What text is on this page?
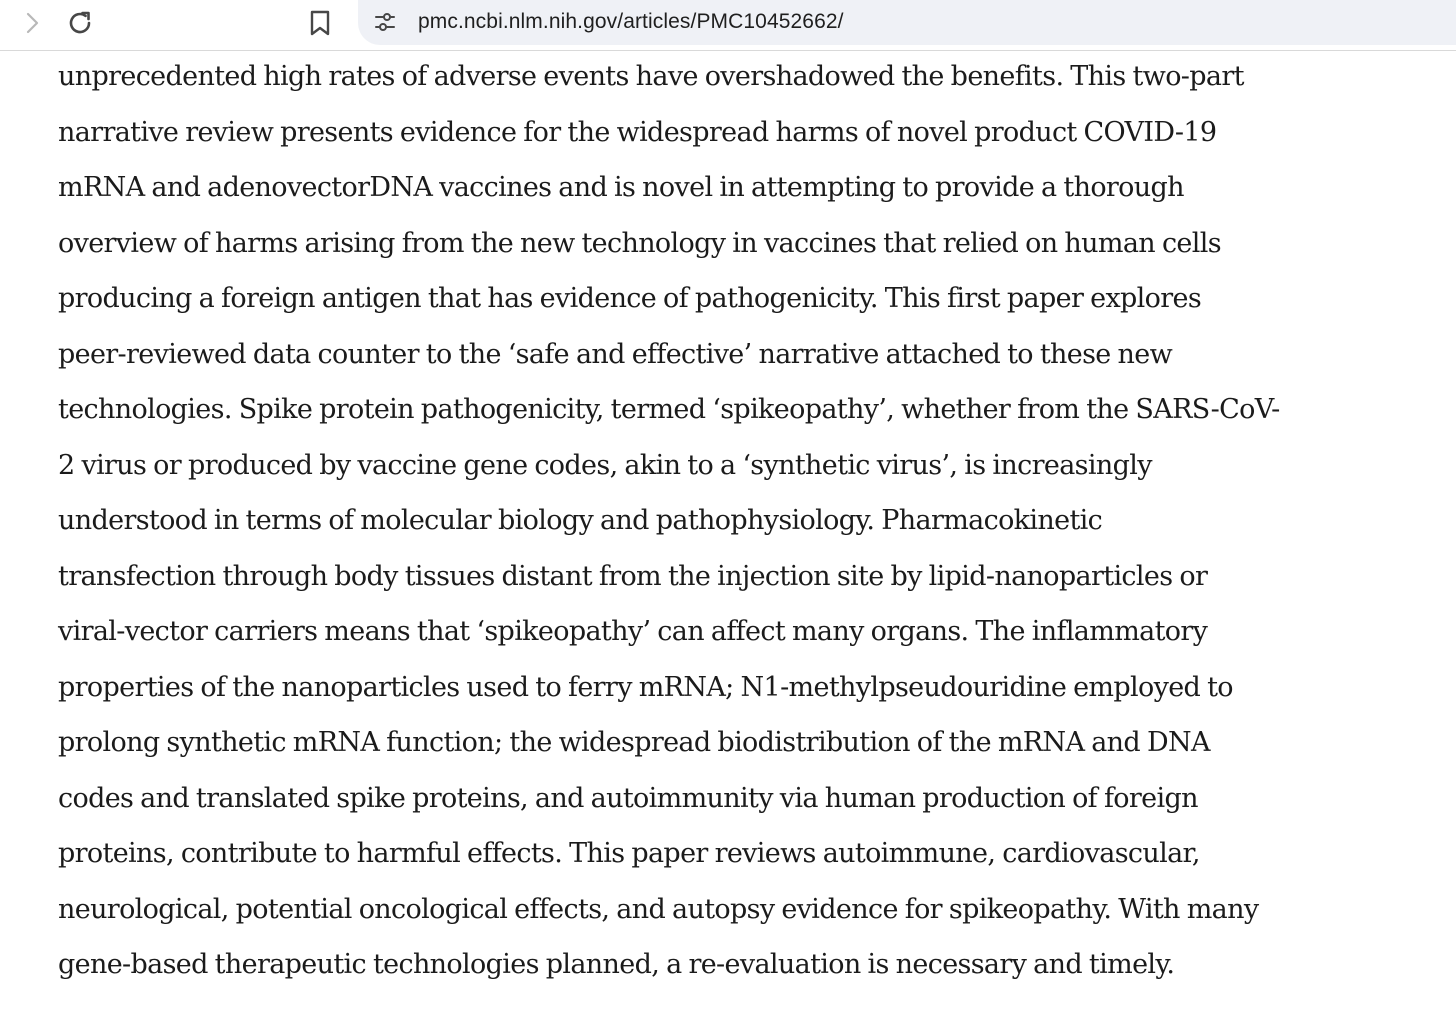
pmc.ncbi.nlm.nih.gov/articles/PMC10452662/

unprecedented high rates of adverse events have overshadowed the benefits. This two-part
narrative review presents evidence for the widespread harms of novel product COVID-19
mRNA and adenovectorDNA vaccines and is novel in attempting to provide a thorough
overview of harms arising from the new technology in vaccines that relied on human cells
producing a foreign antigen that has evidence of pathogenicity. This first paper explores
peer-reviewed data counter to the ‘safe and effective’ narrative attached to these new
technologies. Spike protein pathogenicity, termed ‘spikeopathy’, whether from the SARS-CoV-
2 virus or produced by vaccine gene codes, akin to a ‘synthetic virus’, is increasingly
understood in terms of molecular biology and pathophysiology. Pharmacokinetic
transfection through body tissues distant from the injection site by lipid-nanoparticles or
viral-vector carriers means that ‘spikeopathy’ can affect many organs. The inflammatory
properties of the nanoparticles used to ferry mRNA; N1-methylpseudouridine employed to
prolong synthetic mRNA function; the widespread biodistribution of the mRNA and DNA
codes and translated spike proteins, and autoimmunity via human production of foreign
proteins, contribute to harmful effects. This paper reviews autoimmune, cardiovascular,
neurological, potential oncological effects, and autopsy evidence for spikeopathy. With many
gene-based therapeutic technologies planned, a re-evaluation is necessary and timely.
